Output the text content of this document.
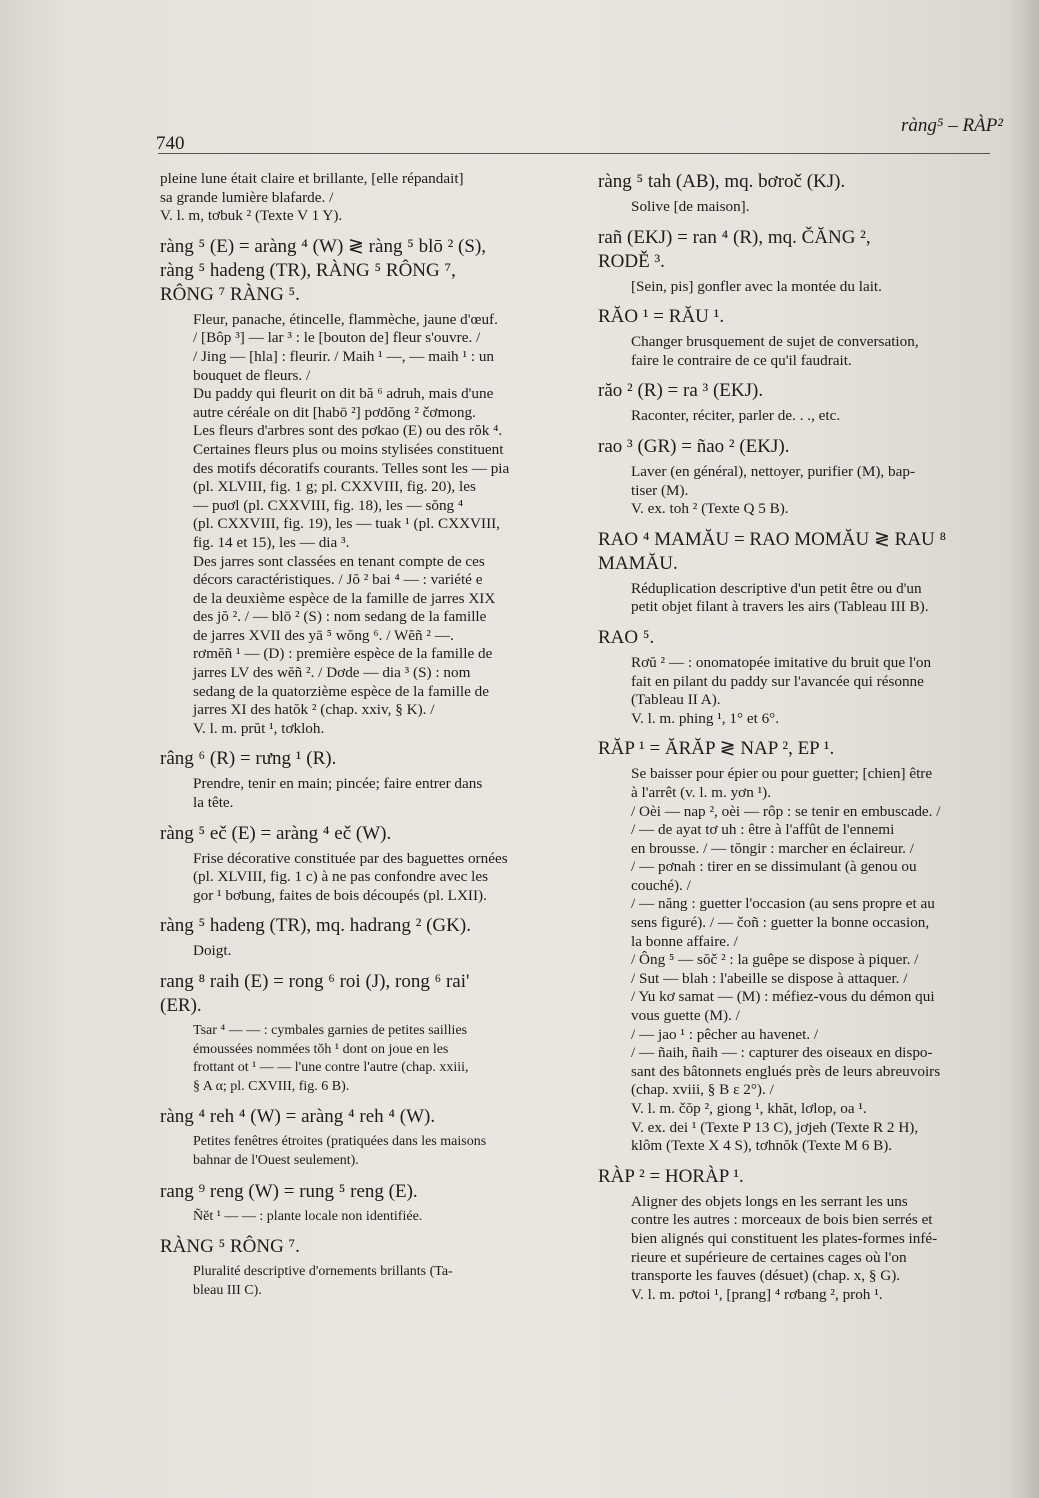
740
ràng⁵ – RÀP²

pleine lune était claire et brillante, [elle répandait]

sa grande lumière blafarde. /

V. l. m, tơbuk ² (Texte V 1 Y).

ràng ⁵ (E) = aràng ⁴ (W) ≷ ràng ⁵ blō ² (S),
ràng ⁵ hadeng (TR), RÀNG ⁵ RÔNG ⁷,
RÔNG ⁷ RÀNG ⁵.

Fleur, panache, étincelle, flammèche, jaune d'œuf.

/ [Bôp ³] — lar ³ : le [bouton de] fleur s'ouvre. /

/ Jing — [hla] : fleurir. / Maih ¹ —, — maih ¹ : un

bouquet de fleurs. /

Du paddy qui fleurit on dit bă ⁶ adruh, mais d'une

autre céréale on dit [habō ²] pơdŏng ² čơmong.

Les fleurs d'arbres sont des pơkao (E) ou des rŏk ⁴.

Certaines fleurs plus ou moins stylisées constituent

des motifs décoratifs courants. Telles sont les — pia

(pl. XLVIII, fig. 1 g; pl. CXXVIII, fig. 20), les

— puơl (pl. CXXVIII, fig. 18), les — sŏng ⁴

(pl. CXXVIII, fig. 19), les — tuak ¹ (pl. CXXVIII,

fig. 14 et 15), les — dia ³.

Des jarres sont classées en tenant compte de ces

décors caractéristiques. / Jŏ ² bai ⁴ — : variété e

de la deuxième espèce de la famille de jarres XIX

des jŏ ². / — blō ² (S) : nom sedang de la famille

de jarres XVII des yā ⁵ wŏng ⁶. / Wĕñ ² —.

rơmĕñ ¹ — (D) : première espèce de la famille de

jarres LV des wĕñ ². / Dơde — dia ³ (S) : nom

sedang de la quatorzième espèce de la famille de

jarres XI des hatŏk ² (chap. xxiv, § K). /

V. l. m. prŭt ¹, tơkloh.

râng ⁶ (R) = rưng ¹ (R).

Prendre, tenir en main; pincée; faire entrer dans

la tête.

ràng ⁵ eč (E) = aràng ⁴ eč (W).

Frise décorative constituée par des baguettes ornées

(pl. XLVIII, fig. 1 c) à ne pas confondre avec les

gor ¹ bơbung, faites de bois découpés (pl. LXII).

ràng ⁵ hadeng (TR), mq. hadrang ² (GK).

Doigt.

rang ⁸ raih (E) = rong ⁶ roi (J), rong ⁶ rai'
(ER).

Tsar ⁴ — — : cymbales garnies de petites saillies

émoussées nommées tŏh ¹ dont on joue en les

frottant ot ¹ — — l'une contre l'autre (chap. xxiii,

§ A α; pl. CXVIII, fig. 6 B).

ràng ⁴ reh ⁴ (W) = aràng ⁴ reh ⁴ (W).

Petites fenêtres étroites (pratiquées dans les maisons

bahnar de l'Ouest seulement).

rang ⁹ reng (W) = rung ⁵ reng (E).

Ñĕt ¹ — — : plante locale non identifiée.

RÀNG ⁵ RÔNG ⁷.

Pluralité descriptive d'ornements brillants (Ta-

bleau III C).

ràng ⁵ tah (AB), mq. bơroč (KJ).

Solive [de maison].

rañ (EKJ) = ran ⁴ (R), mq. ČĂNG ²,
RODĚ ³.

[Sein, pis] gonfler avec la montée du lait.

RĂO ¹ = RĂU ¹.

Changer brusquement de sujet de conversation,

faire le contraire de ce qu'il faudrait.

răo ² (R) = ra ³ (EKJ).

Raconter, réciter, parler de. . ., etc.

rao ³ (GR) = ñao ² (EKJ).

Laver (en général), nettoyer, purifier (M), bap-

tiser (M).

V. ex. toh ² (Texte Q 5 B).

RAO ⁴ MAMĂU = RAO MOMĂU ≷ RAU ⁸
MAMĂU.

Réduplication descriptive d'un petit être ou d'un

petit objet filant à travers les airs (Tableau III B).

RAO ⁵.

Rơŭ ² — : onomatopée imitative du bruit que l'on

fait en pilant du paddy sur l'avancée qui résonne

(Tableau II A).

V. l. m. phing ¹, 1° et 6°.

RĂP ¹ = ĂRĂP ≷ NAP ², EP ¹.

Se baisser pour épier ou pour guetter; [chien] être

à l'arrêt (v. l. m. yơn ¹).

/ Oèi — nap ², oèi — rôp : se tenir en embuscade. /

/ — de ayat tơ uh : être à l'affût de l'ennemi

en brousse. / — tŏngir : marcher en éclaireur. /

/ — pơnah : tirer en se dissimulant (à genou ou

couché). /

/ — năng : guetter l'occasion (au sens propre et au

sens figuré). / — čoñ : guetter la bonne occasion,

la bonne affaire. /

/ Ông ⁵ — sŏč ² : la guêpe se dispose à piquer. /

/ Sut — blah : l'abeille se dispose à attaquer. /

/ Yu kơ samat — (M) : méfiez-vous du démon qui

vous guette (M). /

/ — jao ¹ : pêcher au havenet. /

/ — ñaih, ñaih — : capturer des oiseaux en dispo-

sant des bâtonnets englués près de leurs abreuvoirs

(chap. xviii, § B ε 2°). /

V. l. m. čŏp ², giong ¹, khăt, lơlop, oa ¹.

V. ex. dei ¹ (Texte P 13 C), jơjeh (Texte R 2 H),

klôm (Texte X 4 S), tơhnŏk (Texte M 6 B).

RÀP ² = HORÀP ¹.

Aligner des objets longs en les serrant les uns

contre les autres : morceaux de bois bien serrés et

bien alignés qui constituent les plates-formes infé-

rieure et supérieure de certaines cages où l'on

transporte les fauves (désuet) (chap. x, § G).

V. l. m. pơtoi ¹, [prang] ⁴ rơbang ², proh ¹.
